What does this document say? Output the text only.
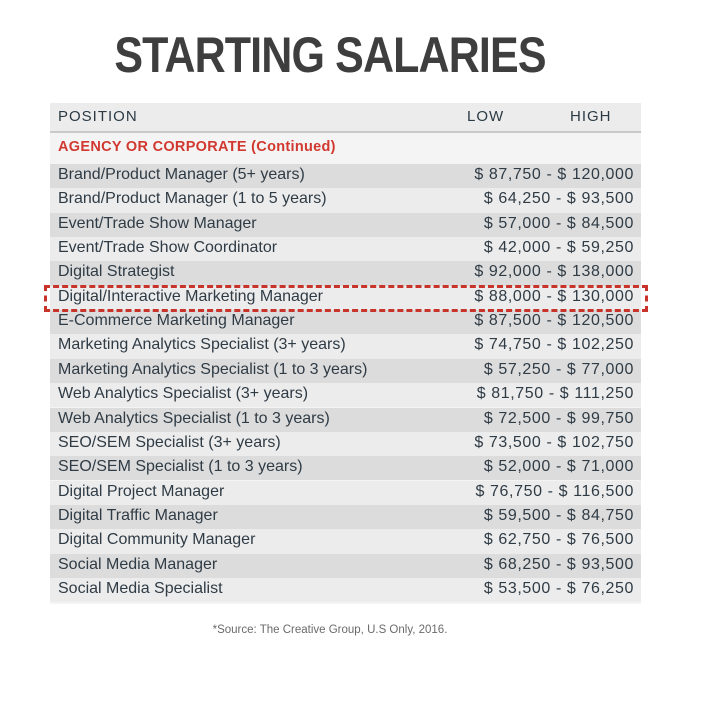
STARTING SALARIES
POSITION	LOW	HIGH
AGENCY OR CORPORATE (Continued)
Brand/Product Manager (5+ years)	$ 87,750 - $ 120,000
Brand/Product Manager (1 to 5 years)	$ 64,250 - $ 93,500
Event/Trade Show Manager	$ 57,000 - $ 84,500
Event/Trade Show Coordinator	$ 42,000 - $ 59,250
Digital Strategist	$ 92,000 - $ 138,000
Digital/Interactive Marketing Manager	$ 88,000 - $ 130,000
E-Commerce Marketing Manager	$ 87,500 - $ 120,500
Marketing Analytics Specialist (3+ years)	$ 74,750 - $ 102,250
Marketing Analytics Specialist (1 to 3 years)	$ 57,250 - $ 77,000
Web Analytics Specialist (3+ years)	$ 81,750 - $ 111,250
Web Analytics Specialist (1 to 3 years)	$ 72,500 - $ 99,750
SEO/SEM Specialist (3+ years)	$ 73,500 - $ 102,750
SEO/SEM Specialist (1 to 3 years)	$ 52,000 - $ 71,000
Digital Project Manager	$ 76,750 - $ 116,500
Digital Traffic Manager	$ 59,500 - $ 84,750
Digital Community Manager	$ 62,750 - $ 76,500
Social Media Manager	$ 68,250 - $ 93,500
Social Media Specialist	$ 53,500 - $ 76,250
*Source: The Creative Group, U.S Only, 2016.
